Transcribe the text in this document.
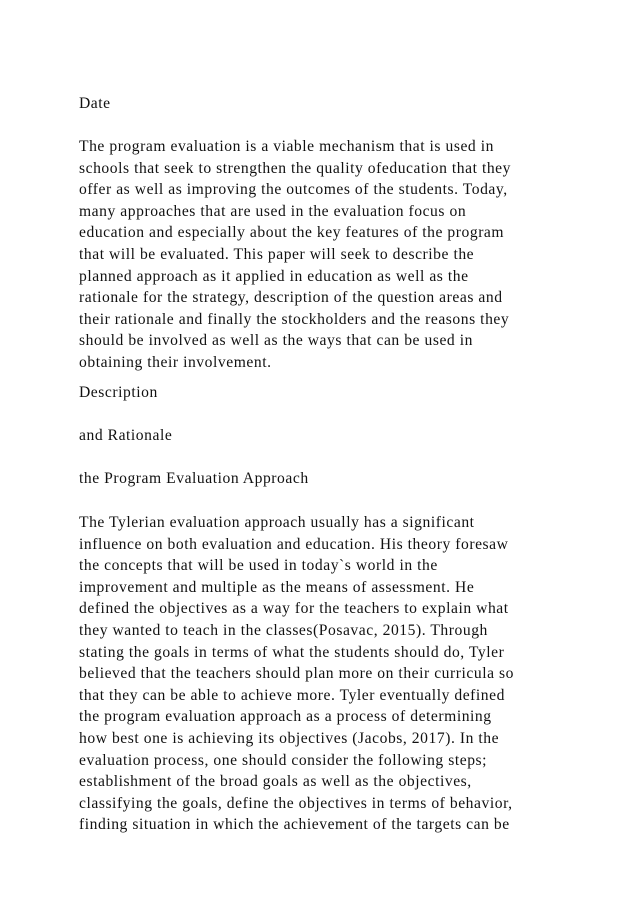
Date

The program evaluation is a viable mechanism that is used in
schools that seek to strengthen the quality ofeducation that they
offer as well as improving the outcomes of the students. Today,
many approaches that are used in the evaluation focus on
education and especially about the key features of the program
that will be evaluated. This paper will seek to describe the
planned approach as it applied in education as well as the
rationale for the strategy, description of the question areas and
their rationale and finally the stockholders and the reasons they
should be involved as well as the ways that can be used in
obtaining their involvement.

Description

and Rationale

the Program Evaluation Approach

The Tylerian evaluation approach usually has a significant
influence on both evaluation and education. His theory foresaw
the concepts that will be used in today`s world in the
improvement and multiple as the means of assessment. He
defined the objectives as a way for the teachers to explain what
they wanted to teach in the classes(Posavac, 2015). Through
stating the goals in terms of what the students should do, Tyler
believed that the teachers should plan more on their curricula so
that they can be able to achieve more. Tyler eventually defined
the program evaluation approach as a process of determining
how best one is achieving its objectives (Jacobs, 2017). In the
evaluation process, one should consider the following steps;
establishment of the broad goals as well as the objectives,
classifying the goals, define the objectives in terms of behavior,
finding situation in which the achievement of the targets can be
